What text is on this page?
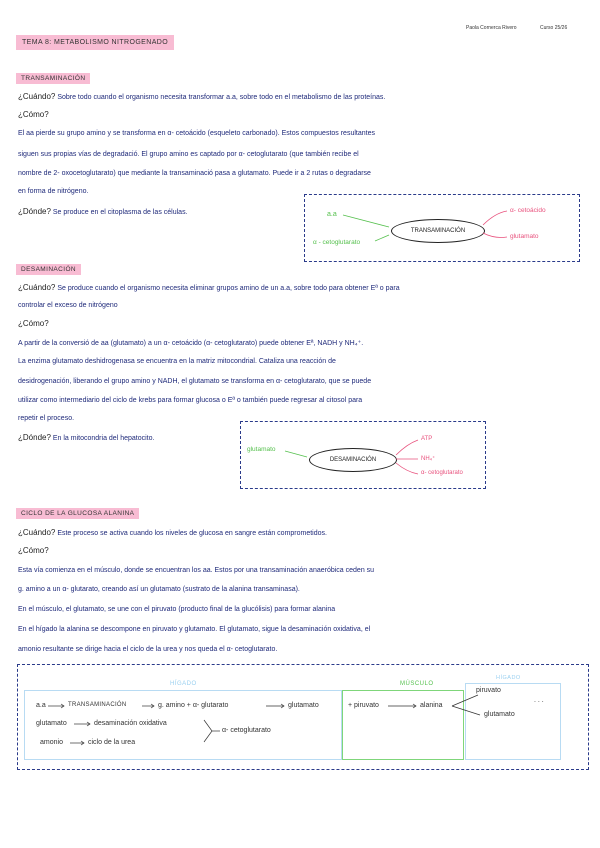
Paola Cornerca Rivero	Curso 25/26
TEMA 8: METABOLISMO NITROGENADO
TRANSAMINACIÓN
¿Cuándo? Sobre todo cuando el organismo necesita transformar a.a, sobre todo en el metabolismo de las proteínas.
¿Cómo?
El aa pierde su grupo amino y se transforma en α- cetoácido (esqueleto carbonado). Estos compuestos resultantes
siguen sus propias vías de degradació. El grupo amino es captado por α- cetoglutarato (que también recibe el
nombre de 2- oxocetoglutarato) que mediante la transaminació pasa a glutamato. Puede ir a 2 rutas o degradarse
en forma de nitrógeno.
¿Dónde? Se produce en el citoplasma de las células.	a.a
α - cetoglutarato
TRANSAMINACIÓN
α- cetoácido
glutamato
DESAMINACIÓN
¿Cuándo? Se produce cuando el organismo necesita eliminar grupos amino de un a.a, sobre todo para obtener Eª o para
controlar el exceso de nitrógeno
¿Cómo?
A partir de la conversió de aa (glutamato) a un α- cetoácido (α- cetoglutarato) puede obtener Eª, NADH y NH₄⁺.
La enzima glutamato deshidrogenasa se encuentra en la matriz mitocondrial. Cataliza una reacción de
desidrogenación, liberando el grupo amino y NADH, el glutamato se transforma en α- cetoglutarato, que se puede
utilizar como intermediario del ciclo de krebs para formar glucosa o Eª o también puede regresar al citosol para
repetir el proceso.
¿Dónde? En la mitocondria del hepatocito.
glutamato
DESAMINACIÓN
ATP
NH₄⁺
α- cetoglutarato
CICLO DE LA GLUCOSA ALANINA
¿Cuándo? Este proceso se activa cuando los niveles de glucosa en sangre están comprometidos.
¿Cómo?
Esta vía comienza en el músculo, donde se encuentran los aa. Estos por una transaminación anaeróbica ceden su
g. amino a un α- glutarato, creando así un glutamato (sustrato de la alanina transaminasa).
En el músculo, el glutamato, se une con el piruvato (producto final de la glucólisis) para formar alanina
En el hígado la alanina se descompone en piruvato y glutamato. El glutamato, sigue la desaminación oxidativa, el
amonio resultante se dirige hacia el ciclo de la urea y nos queda el α- cetoglutarato.
HÍGADO	MÚSCULO
HÍGADO
a.a	TRANSAMINACIÓN	g. amino + α- glutarato	glutamato	+ piruvato	alanina
glutamato	desaminación oxidativa
amonio	ciclo de la urea
α- cetoglutarato
piruvato
glutamato
. . .
